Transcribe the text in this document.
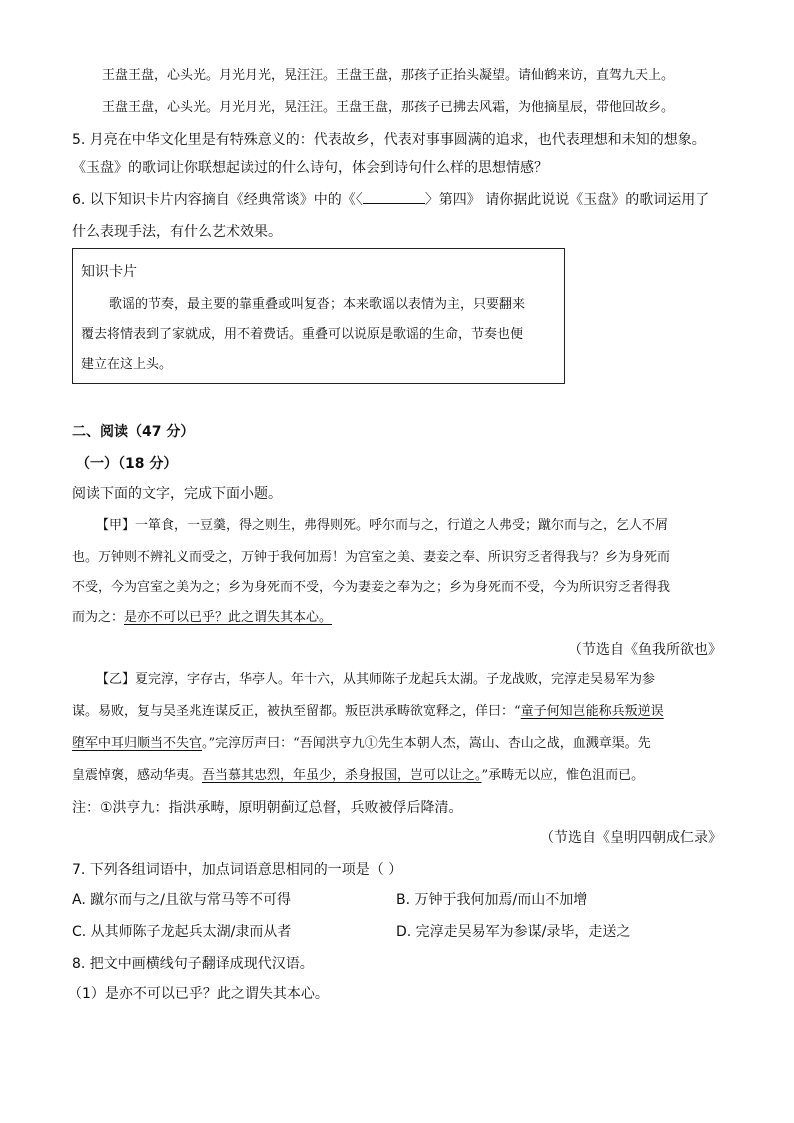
王盘王盘，心头光。月光月光，晃汪汪。王盘王盘，那孩子正抬头凝望。请仙鹤来访，直驾九天上。
王盘王盘，心头光。月光月光，晃汪汪。王盘王盘，那孩子已拂去风霜，为他摘星辰，带他回故乡。
5. 月亮在中华文化里是有特殊意义的：代表故乡，代表对事事圆满的追求，也代表理想和未知的想象。
《玉盘》的歌词让你联想起读过的什么诗句，体会到诗句什么样的思想情感？
6. 以下知识卡片内容摘自《经典常谈》中的《〈	〉第四》 请你据此说说《玉盘》的歌词运用了
什么表现手法，有什么艺术效果。
知识卡片
歌谣的节奏，最主要的靠重叠或叫复沓；本来歌谣以表情为主，只要翻来
覆去将情表到了家就成，用不着费话。重叠可以说原是歌谣的生命，节奏也便
建立在这上头。
二、阅读（47 分）
（一）（18 分）
阅读下面的文字，完成下面小题。
【甲】一箪食，一豆羹，得之则生，弗得则死。呼尔而与之，行道之人弗受；蹴尔而与之，乞人不屑
也。万钟则不辨礼义而受之，万钟于我何加焉！为宫室之美、妻妾之奉、所识穷乏者得我与？乡为身死而
不受，今为宫室之美为之；乡为身死而不受，今为妻妾之奉为之；乡为身死而不受，今为所识穷乏者得我
而为之：是亦不可以已乎？此之谓失其本心。
（节选自《鱼我所欲也》
【乙】夏完淳，字存古，华亭人。年十六，从其师陈子龙起兵太湖。子龙战败，完淳走吴易军为参
谋。易败，复与吴圣兆连谋反正，被执至留都。叛臣洪承畴欲宽释之，佯曰：“童子何知岂能称兵叛逆误
堕军中耳归顺当不失官。”完淳厉声曰：“吾闻洪亨九①先生本朝人杰，嵩山、杏山之战，血溅章渠。先
皇震悼褒，感动华夷。吾当慕其忠烈，年虽少，杀身报国，岂可以让之。”承畴无以应，惟色沮而已。
注：①洪亨九：指洪承畴，原明朝蓟辽总督，兵败被俘后降清。
（节选自《皇明四朝成仁录》
7. 下列各组词语中，加点词语意思相同的一项是（ ）
A. 蹴尔而与之/且欲与常马等不可得	B. 万钟于我何加焉/而山不加增
C. 从其师陈子龙起兵太湖/隶而从者	D. 完淳走吴易军为参谋/录毕，走送之
8. 把文中画横线句子翻译成现代汉语。
（1）是亦不可以已乎？此之谓失其本心。
